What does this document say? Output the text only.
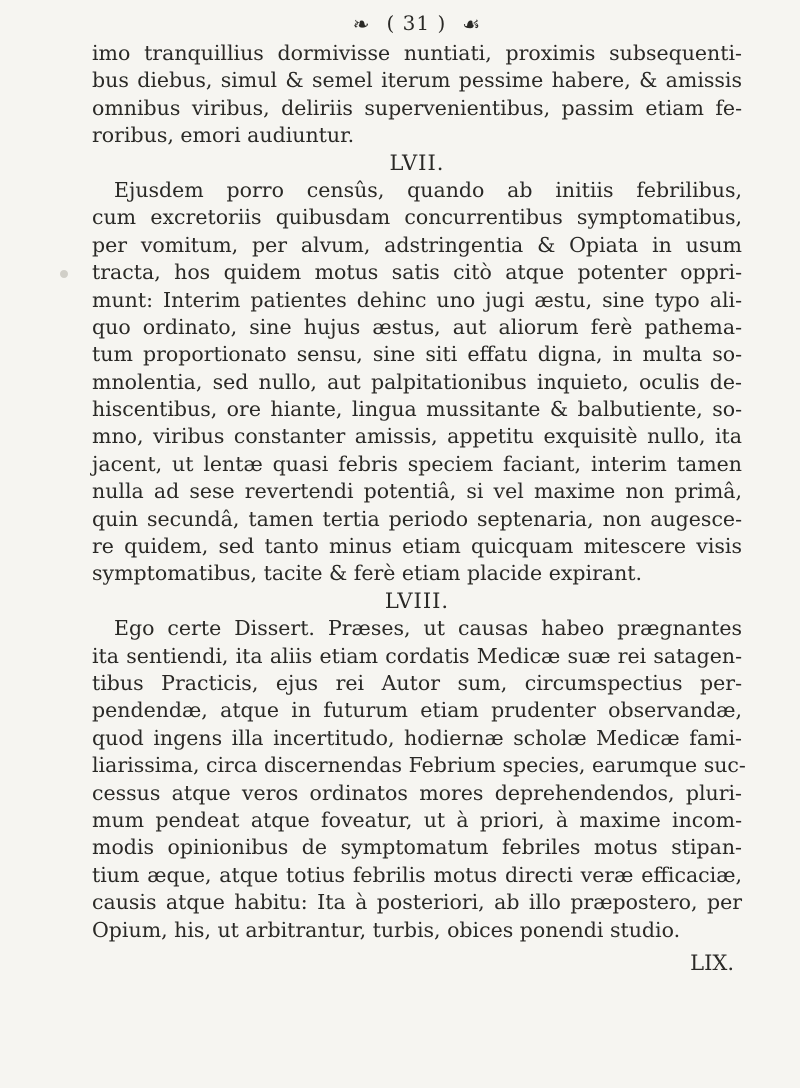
❧ ( 31 ) ☙
imo tranquillius dormivisse nuntiati, proximis subsequenti-
bus diebus, simul & semel iterum pessime habere, & amissis
omnibus viribus, deliriis supervenientibus, passim etiam fe-
roribus, emori audiuntur.
LVII.
Ejusdem porro censûs, quando ab initiis febrilibus,
cum excretoriis quibusdam concurrentibus symptomatibus,
per vomitum, per alvum, adstringentia & Opiata in usum
tracta, hos quidem motus satis citò atque potenter oppri-
munt: Interim patientes dehinc uno jugi æstu, sine typo ali-
quo ordinato, sine hujus æstus, aut aliorum ferè pathema-
tum proportionato sensu, sine siti effatu digna, in multa so-
mnolentia, sed nullo, aut palpitationibus inquieto, oculis de-
hiscentibus, ore hiante, lingua mussitante & balbutiente, so-
mno, viribus constanter amissis, appetitu exquisitè nullo, ita
jacent, ut lentæ quasi febris speciem faciant, interim tamen
nulla ad sese revertendi potentiâ, si vel maxime non primâ,
quin secundâ, tamen tertia periodo septenaria, non augesce-
re quidem, sed tanto minus etiam quicquam mitescere visis
symptomatibus, tacite & ferè etiam placide expirant.
LVIII.
Ego certe Dissert. Præses, ut causas habeo prægnantes
ita sentiendi, ita aliis etiam cordatis Medicæ suæ rei satagen-
tibus Practicis, ejus rei Autor sum, circumspectius per-
pendendæ, atque in futurum etiam prudenter observandæ,
quod ingens illa incertitudo, hodiernæ scholæ Medicæ fami-
liarissima, circa discernendas Febrium species, earumque suc-
cessus atque veros ordinatos mores deprehendendos, pluri-
mum pendeat atque foveatur, ut à priori, à maxime incom-
modis opinionibus de symptomatum febriles motus stipan-
tium æque, atque totius febrilis motus directi veræ efficaciæ,
causis atque habitu: Ita à posteriori, ab illo præpostero, per
Opium, his, ut arbitrantur, turbis, obices ponendi studio.
LIX.
